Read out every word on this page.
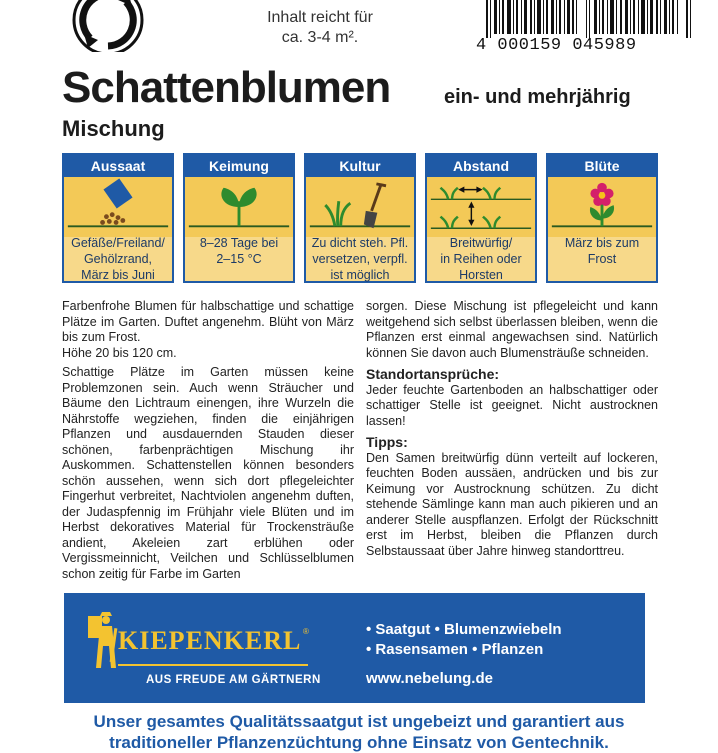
Inhalt reicht für
ca. 3-4 m².	4 000159 045989
Schattenblumen	ein- und mehrjährig
Mischung
Aussaat
Gefäße/Freiland/
Gehölzrand,
März bis Juni
Keimung
8–28 Tage bei
2–15 °C
Kultur
Zu dicht steh. Pfl.
versetzen, verpfl.
ist möglich
Abstand
Breitwürfig/
in Reihen oder
Horsten
Blüte
März bis zum
Frost

Farbenfrohe Blumen für halbschattige und schattige Plätze im Garten. Duftet angenehm. Blüht von März bis zum Frost.

Höhe 20 bis 120 cm.

Schattige Plätze im Garten müssen keine Problemzonen sein. Auch wenn Sträucher und Bäume den Lichtraum einengen, ihre Wurzeln die Nährstoffe wegziehen, finden die einjährigen Pflanzen und ausdauernden Stauden dieser schönen, farbenprächtigen Mischung ihr Auskommen. Schattenstellen können besonders schön aussehen, wenn sich dort pflegeleichter Fingerhut verbreitet, Nachtviolen angenehm duften, der Judaspfennig im Frühjahr viele Blüten und im Herbst dekoratives Material für Trockensträuße andient, Akeleien zart erblühen oder Vergissmeinnicht, Veilchen und Schlüsselblumen schon zeitig für Farbe im Garten

sorgen. Diese Mischung ist pflegeleicht und kann weitgehend sich selbst überlassen bleiben, wenn die Pflanzen erst einmal angewachsen sind. Natürlich können Sie davon auch Blumensträuße schneiden.

Standortansprüche:

Jeder feuchte Gartenboden an halbschattiger oder schattiger Stelle ist geeignet. Nicht austrocknen lassen!

Tipps:

Den Samen breitwürfig dünn verteilt auf lockeren, feuchten Boden aussäen, andrücken und bis zur Keimung vor Austrocknung schützen. Zu dicht stehende Sämlinge kann man auch pikieren und an anderer Stelle auspflanzen. Erfolgt der Rückschnitt erst im Herbst, bleiben die Pflanzen durch Selbstaussaat über Jahre hinweg standorttreu.

KIEPENKERL ®
AUS FREUDE AM GÄRTNERN
• Saatgut • Blumenzwiebeln
• Rasensamen • Pflanzen
www.nebelung.de
Unser gesamtes Qualitätssaatgut ist ungebeizt und garantiert aus
traditioneller Pflanzenzüchtung ohne Einsatz von Gentechnik.
